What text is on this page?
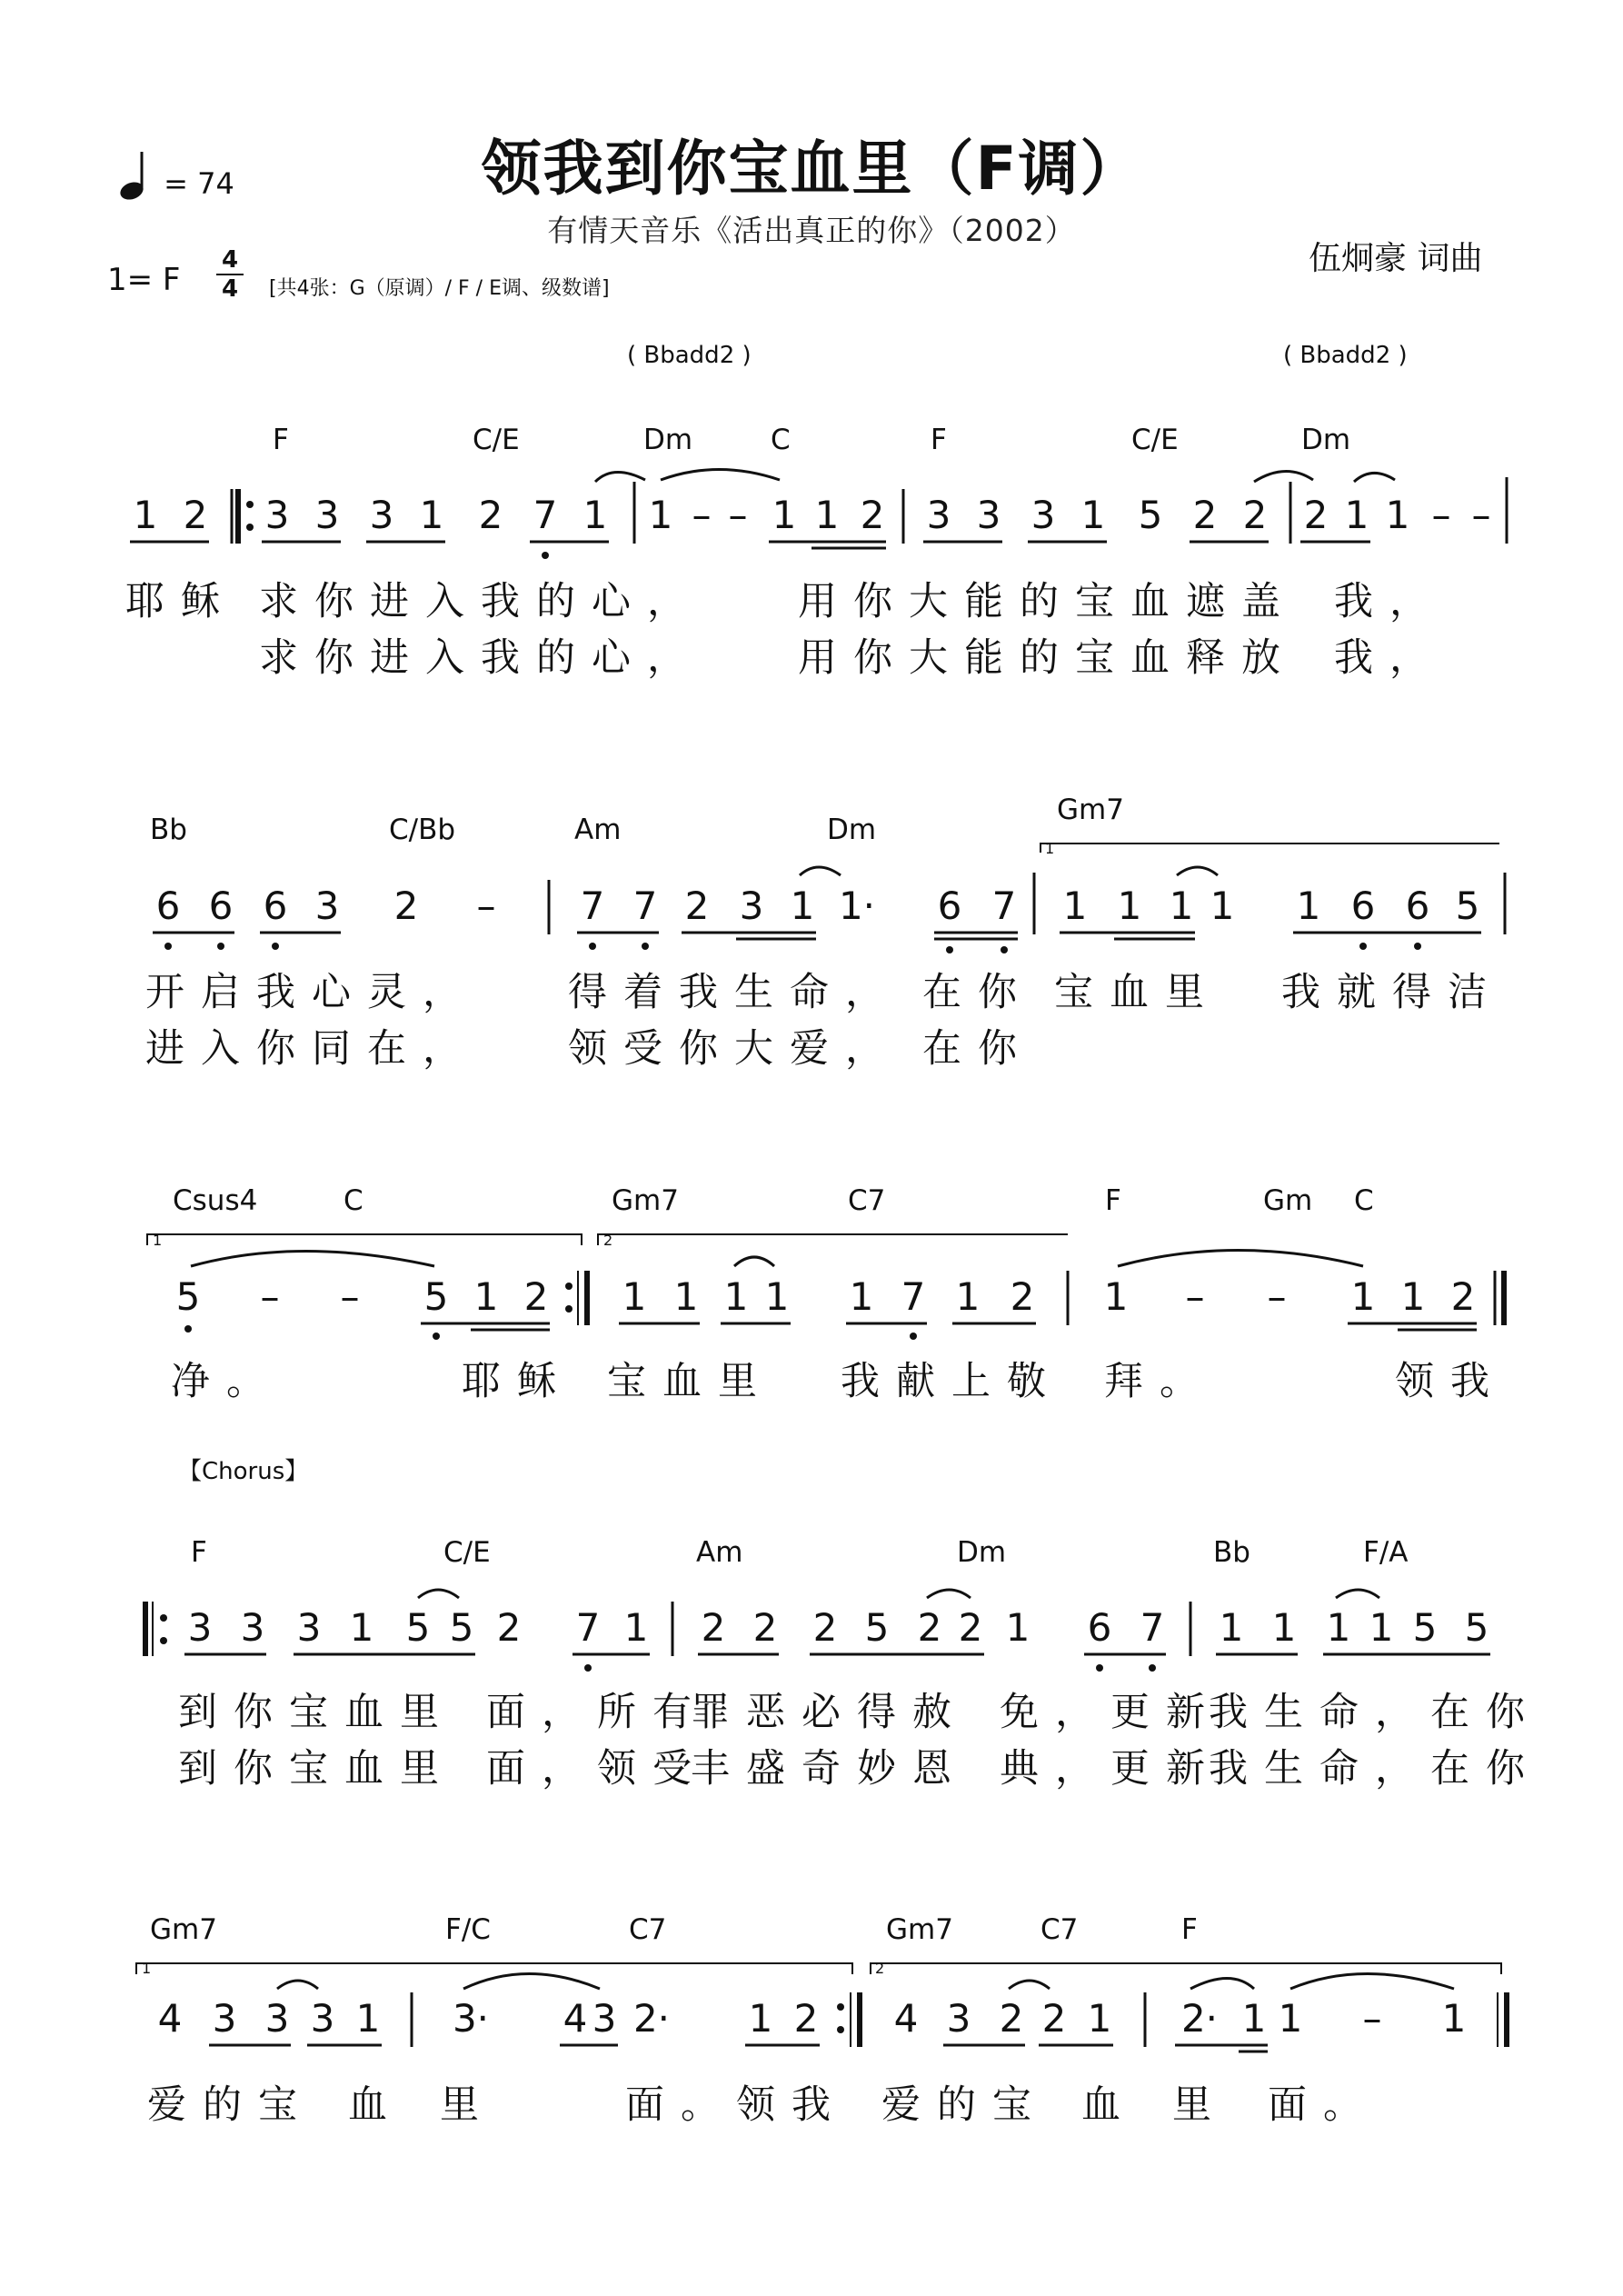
领我到你宝血里（F调）
有情天音乐《活出真正的你》（2002）
= 74
伍炯豪 词曲
1= F
4
4 [共4张：G（原调）/ F / E调、级数谱]
( Bbadd2 )	( Bbadd2 )
F	C/E	Dm	C	F	C/E	Dm
1 2 3 3 3 1 2 7 1 1 – – 1 1 2 3 3 3 1 5 2 2 2 1 1 – –
耶稣 求你进入我的心， 用你大能的宝血遮盖 我，
求你进入我的心， 用你大能的宝血释放 我，
Bb	C/Bb	Am	Dm
Gm7
1
6 6 6 3 2 – 7 7 2 3 1 1· 6 7 1 1 1 1 1 6 6 5
开启我心灵， 得着我生命， 在你 宝血里 我就得洁
进入你同在， 领受你大爱， 在你
Csus4	C	Gm7	C7	F	Gm C
1	2
5 – – 5 1 2 1 1 1 1 1 7 1 2 1 – – 1 1 2
净。	耶稣 宝血里 我献上敬 拜。	领我
【Chorus】
F	C/E	Am	Dm	Bb	F/A
3 3 3 1 5 5 2 7 1 2 2 2 5 2 2 1 6 7 1 1 1 1 5 5
到你宝血里 面，所有
罪恶必得赦 免，更新
我生命，在你
到你宝血里 面，领受
丰盛奇妙恩 典，更新
我生命，在你
Gm7	F/C	C7	Gm7	C7	F
1	2
4 3 3 3 1 3· 4 3 2· 1 2 4 3 2 2 1 2· 1 1 – 1
爱的宝 血 里	面。领我 爱的宝 血 里 面。
